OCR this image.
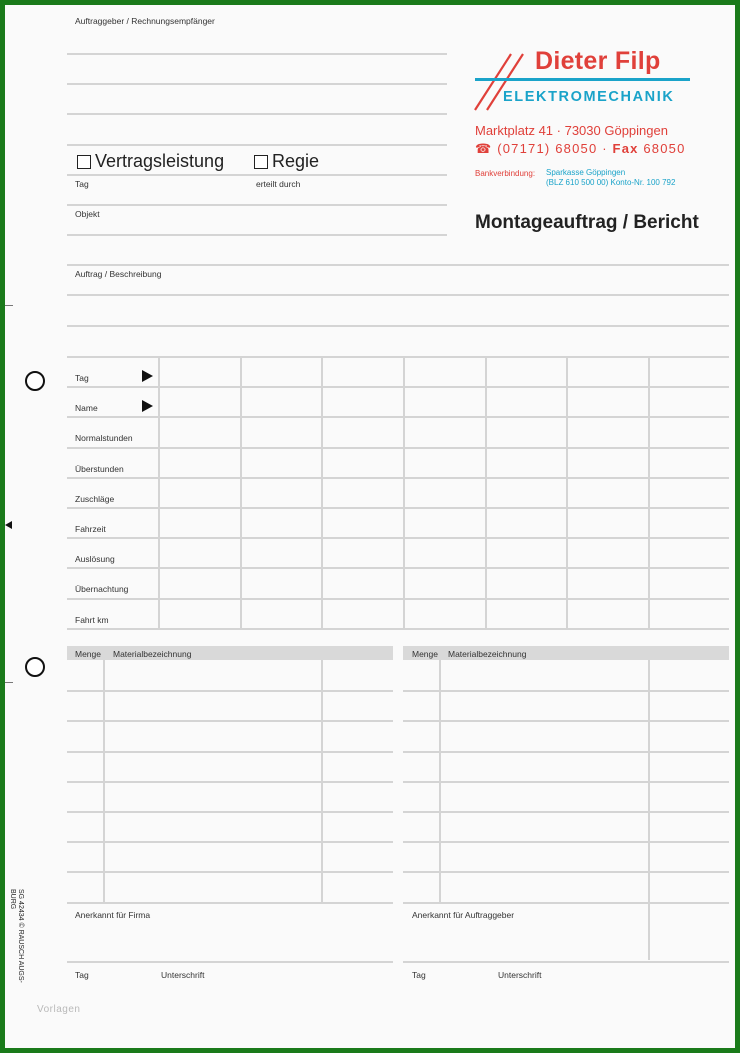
Auftraggeber / Rechnungsempfänger
Vertragsleistung	Regie
Tag	erteilt durch
Objekt
Dieter Filp
ELEKTROMECHANIK
Marktplatz 41 · 73030 Göppingen
☎ (07171) 68050 · Fax 68050
Bankverbindung: Sparkasse Göppingen
(BLZ 610 500 00) Konto-Nr. 100 792
Montageauftrag / Bericht
Auftrag / Beschreibung
Tag
Name
Normalstunden
Überstunden
Zuschläge
Fahrzeit
Auslösung
Übernachtung
Fahrt km
Menge Materialbezeichnung	Menge Materialbezeichnung
Anerkannt für Firma	Anerkannt für Auftraggeber
Tag	Unterschrift	Tag	Unterschrift
SG 42434 © RAUSCH AUGS-
BURG
Vorlagen
